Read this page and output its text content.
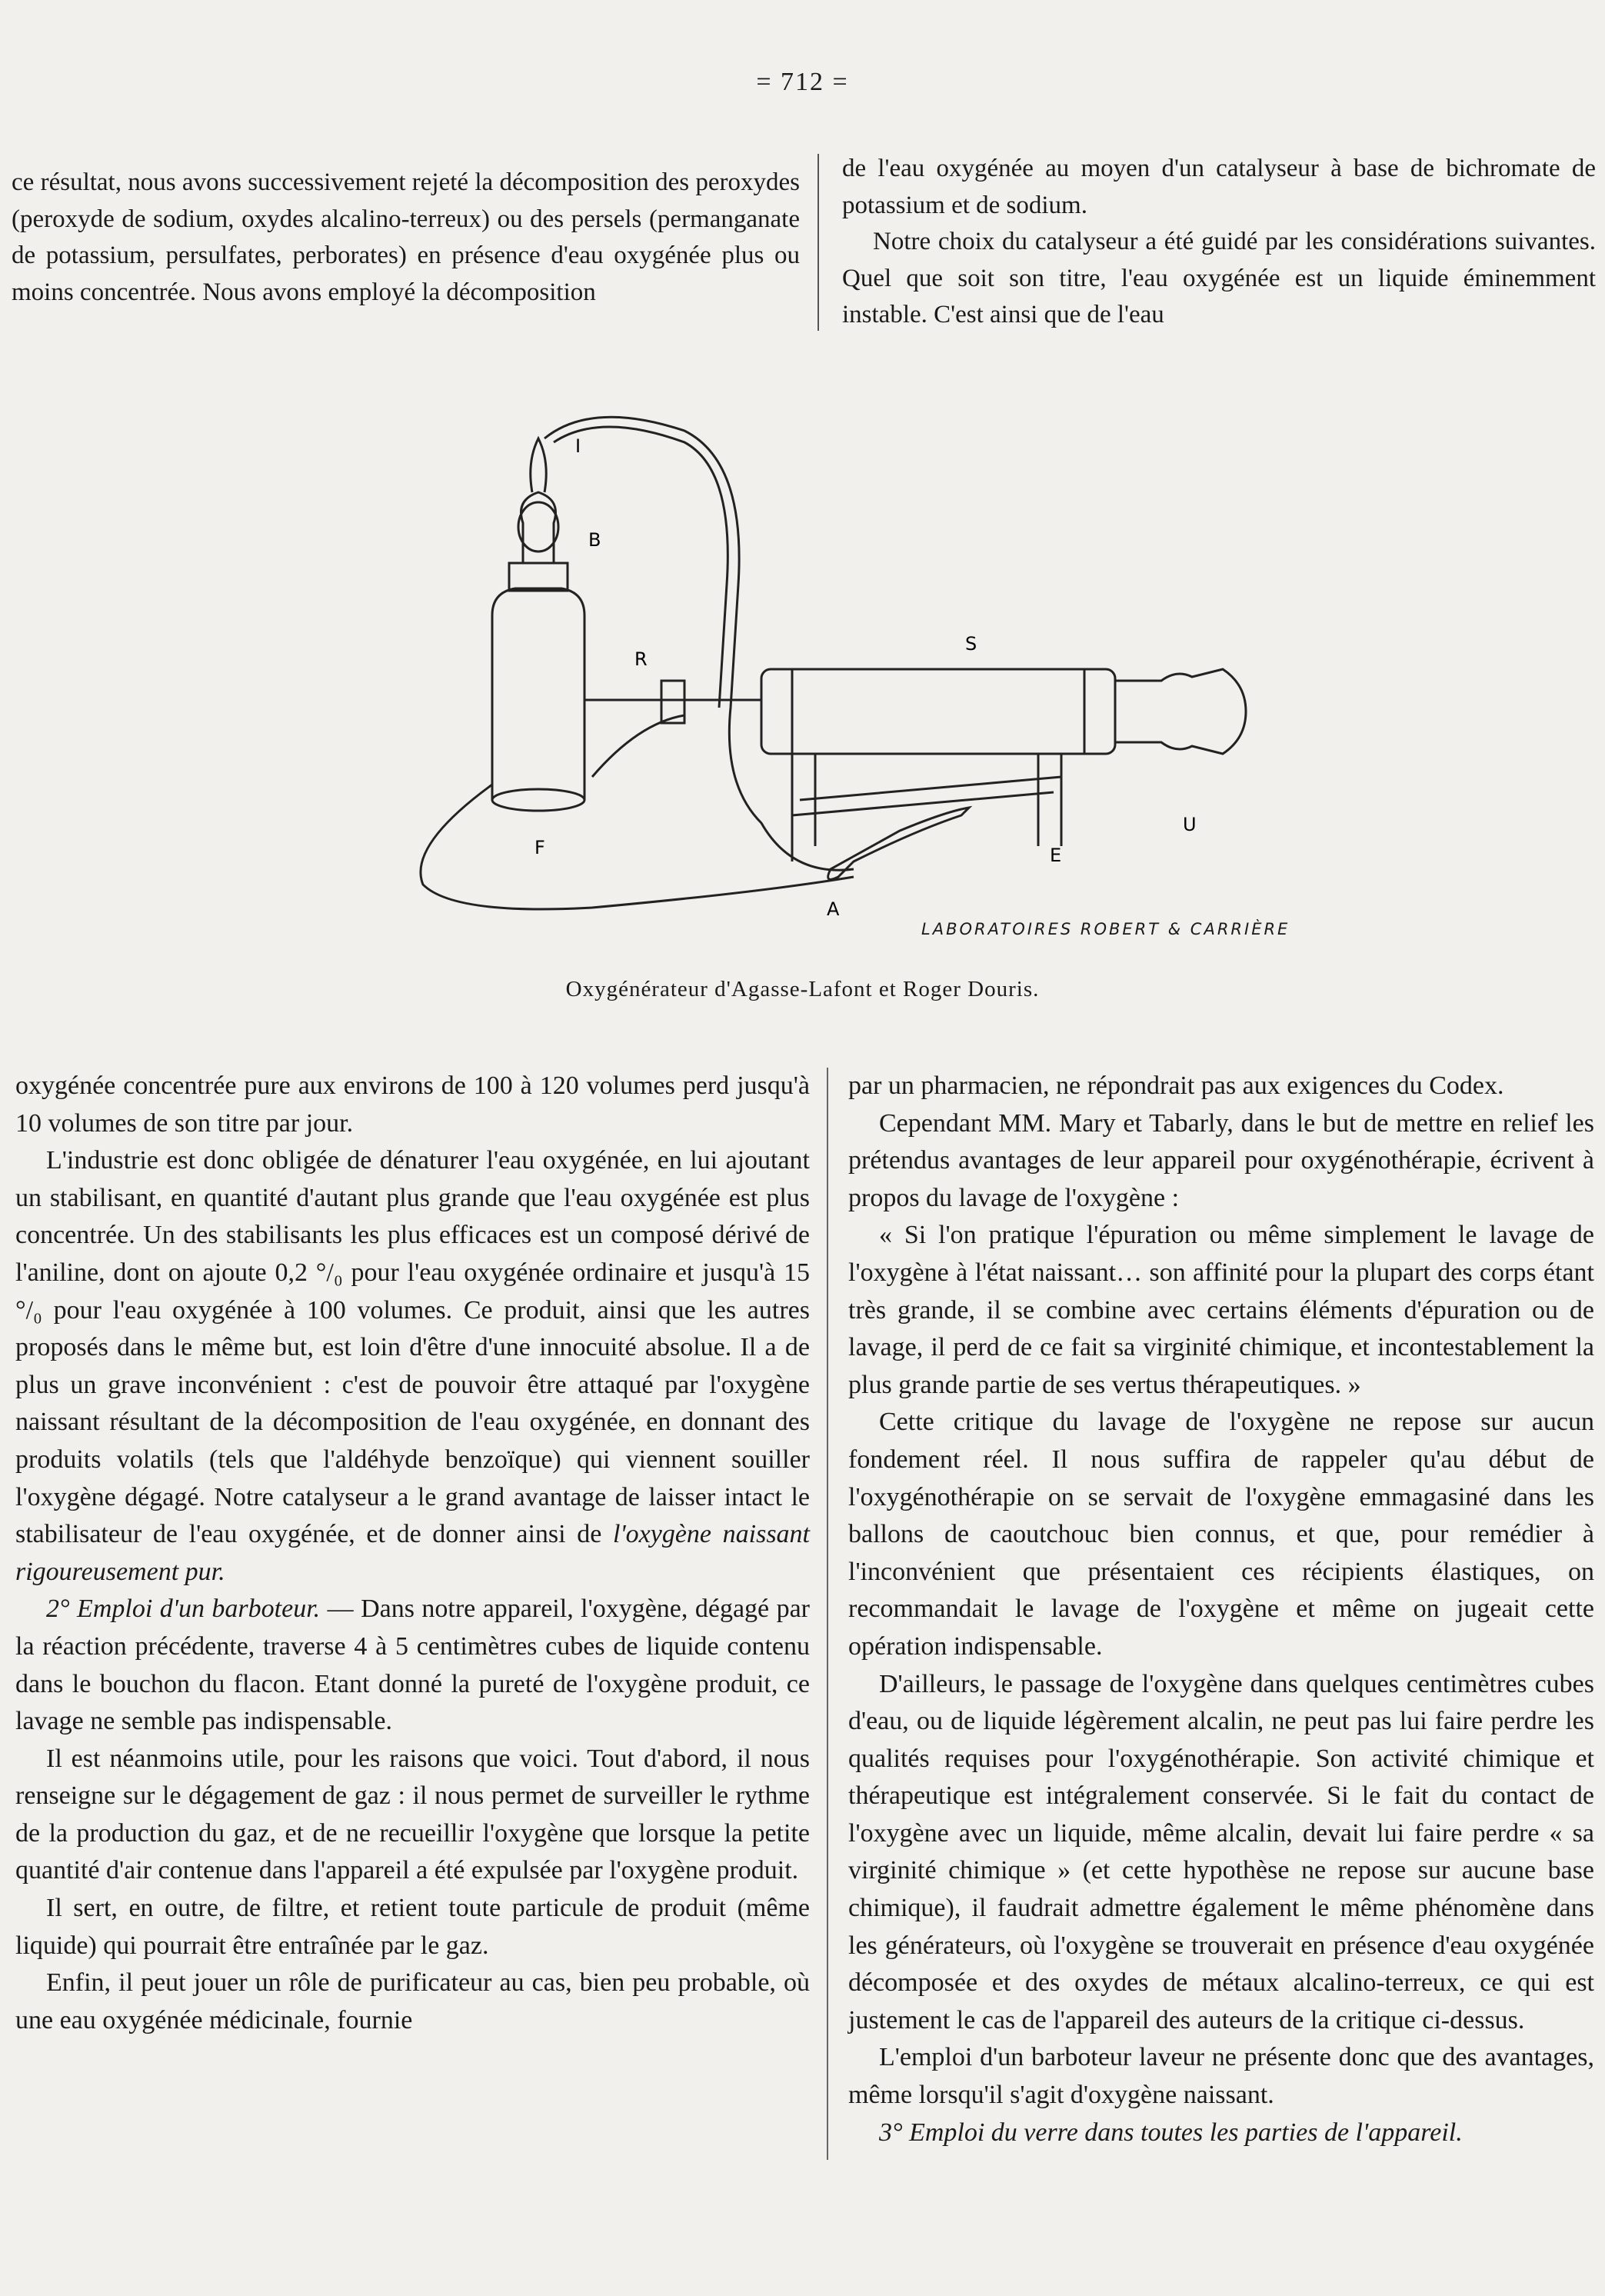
= 712 =

ce résultat, nous avons successivement rejeté la décomposition des peroxydes (peroxyde de sodium, oxydes alcalino-terreux) ou des persels (permanganate de potassium, persulfates, perborates) en présence d'eau oxygénée plus ou moins concentrée. Nous avons employé la décomposition

de l'eau oxygénée au moyen d'un catalyseur à base de bichromate de potassium et de sodium.

Notre choix du catalyseur a été guidé par les considérations suivantes. Quel que soit son titre, l'eau oxygénée est un liquide éminemment instable. C'est ainsi que de l'eau

I
B
R
S
F	E
U
A
LABORATOIRES ROBERT & CARRIÈRE
Oxygénérateur d'Agasse-Lafont et Roger Douris.

oxygénée concentrée pure aux environs de 100 à 120 volumes perd jusqu'à 10 volumes de son titre par jour.

L'industrie est donc obligée de dénaturer l'eau oxygénée, en lui ajoutant un stabilisant, en quantité d'autant plus grande que l'eau oxygénée est plus concentrée. Un des stabilisants les plus efficaces est un composé dérivé de l'aniline, dont on ajoute 0,2 °/₀ pour l'eau oxygénée ordinaire et jusqu'à 15 °/₀ pour l'eau oxygénée à 100 volumes. Ce produit, ainsi que les autres proposés dans le même but, est loin d'être d'une innocuité absolue. Il a de plus un grave inconvénient : c'est de pouvoir être attaqué par l'oxygène naissant résultant de la décomposition de l'eau oxygénée, en donnant des produits volatils (tels que l'aldéhyde benzoïque) qui viennent souiller l'oxygène dégagé. Notre catalyseur a le grand avantage de laisser intact le stabilisateur de l'eau oxygénée, et de donner ainsi de l'oxygène naissant rigoureusement pur.

2° Emploi d'un barboteur. — Dans notre appareil, l'oxygène, dégagé par la réaction précédente, traverse 4 à 5 centimètres cubes de liquide contenu dans le bouchon du flacon. Etant donné la pureté de l'oxygène produit, ce lavage ne semble pas indispensable.

Il est néanmoins utile, pour les raisons que voici. Tout d'abord, il nous renseigne sur le dégagement de gaz : il nous permet de surveiller le rythme de la production du gaz, et de ne recueillir l'oxygène que lorsque la petite quantité d'air contenue dans l'appareil a été expulsée par l'oxygène produit.

Il sert, en outre, de filtre, et retient toute particule de produit (même liquide) qui pourrait être entraînée par le gaz.

Enfin, il peut jouer un rôle de purificateur au cas, bien peu probable, où une eau oxygénée médicinale, fournie

par un pharmacien, ne répondrait pas aux exigences du Codex.

Cependant MM. Mary et Tabarly, dans le but de mettre en relief les prétendus avantages de leur appareil pour oxygénothérapie, écrivent à propos du lavage de l'oxygène :

« Si l'on pratique l'épuration ou même simplement le lavage de l'oxygène à l'état naissant… son affinité pour la plupart des corps étant très grande, il se combine avec certains éléments d'épuration ou de lavage, il perd de ce fait sa virginité chimique, et incontestablement la plus grande partie de ses vertus thérapeutiques. »

Cette critique du lavage de l'oxygène ne repose sur aucun fondement réel. Il nous suffira de rappeler qu'au début de l'oxygénothérapie on se servait de l'oxygène emmagasiné dans les ballons de caoutchouc bien connus, et que, pour remédier à l'inconvénient que présentaient ces récipients élastiques, on recommandait le lavage de l'oxygène et même on jugeait cette opération indispensable.

D'ailleurs, le passage de l'oxygène dans quelques centimètres cubes d'eau, ou de liquide légèrement alcalin, ne peut pas lui faire perdre les qualités requises pour l'oxygénothérapie. Son activité chimique et thérapeutique est intégralement conservée. Si le fait du contact de l'oxygène avec un liquide, même alcalin, devait lui faire perdre « sa virginité chimique » (et cette hypothèse ne repose sur aucune base chimique), il faudrait admettre également le même phénomène dans les générateurs, où l'oxygène se trouverait en présence d'eau oxygénée décomposée et des oxydes de métaux alcalino-terreux, ce qui est justement le cas de l'appareil des auteurs de la critique ci-dessus.

L'emploi d'un barboteur laveur ne présente donc que des avantages, même lorsqu'il s'agit d'oxygène naissant.

3° Emploi du verre dans toutes les parties de l'appareil.
